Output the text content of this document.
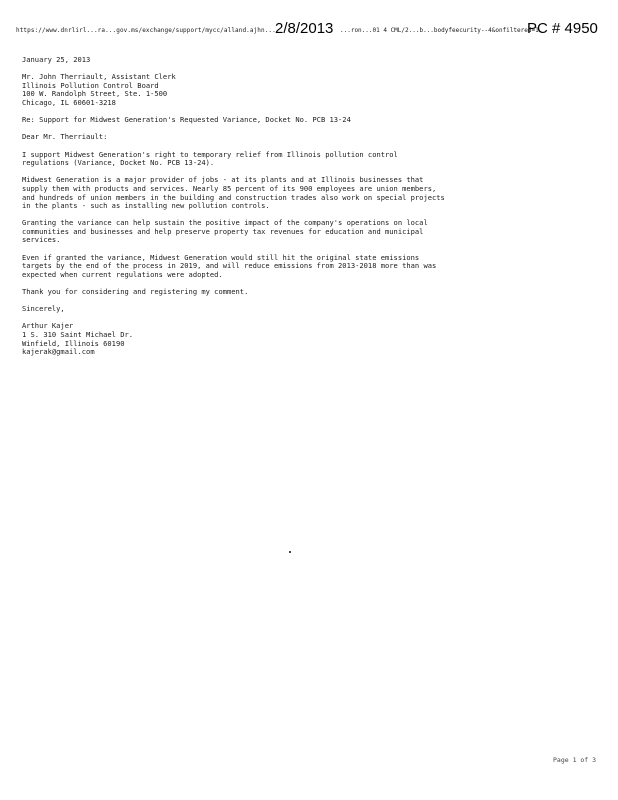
https://www.dnrlirl...ra...gov.ms/exchange/support/mycc/alland.ajhn... 2/8/2013 ...ron...01 4 CML/2...b...bodyfeecurity--4&onfiltered=1
PC # 4950

January 25, 2013

Mr. John Therriault, Assistant Clerk
Illinois Pollution Control Board
100 W. Randolph Street, Ste. 1-500
Chicago, IL 60601-3218

Re: Support for Midwest Generation's Requested Variance, Docket No. PCB 13-24

Dear Mr. Therriault:

I support Midwest Generation's right to temporary relief from Illinois pollution control
regulations (Variance, Docket No. PCB 13-24).

Midwest Generation is a major provider of jobs - at its plants and at Illinois businesses that
supply them with products and services. Nearly 85 percent of its 900 employees are union members,
and hundreds of union members in the building and construction trades also work on special projects
in the plants - such as installing new pollution controls.

Granting the variance can help sustain the positive impact of the company's operations on local
communities and businesses and help preserve property tax revenues for education and municipal
services.

Even if granted the variance, Midwest Generation would still hit the original state emissions
targets by the end of the process in 2019, and will reduce emissions from 2013-2018 more than was
expected when current regulations were adopted.

Thank you for considering and registering my comment.

Sincerely,

Arthur Kajer
1 S. 310 Saint Michael Dr.
Winfield, Illinois 60190
kajerak@gmail.com

Page 1 of 3
